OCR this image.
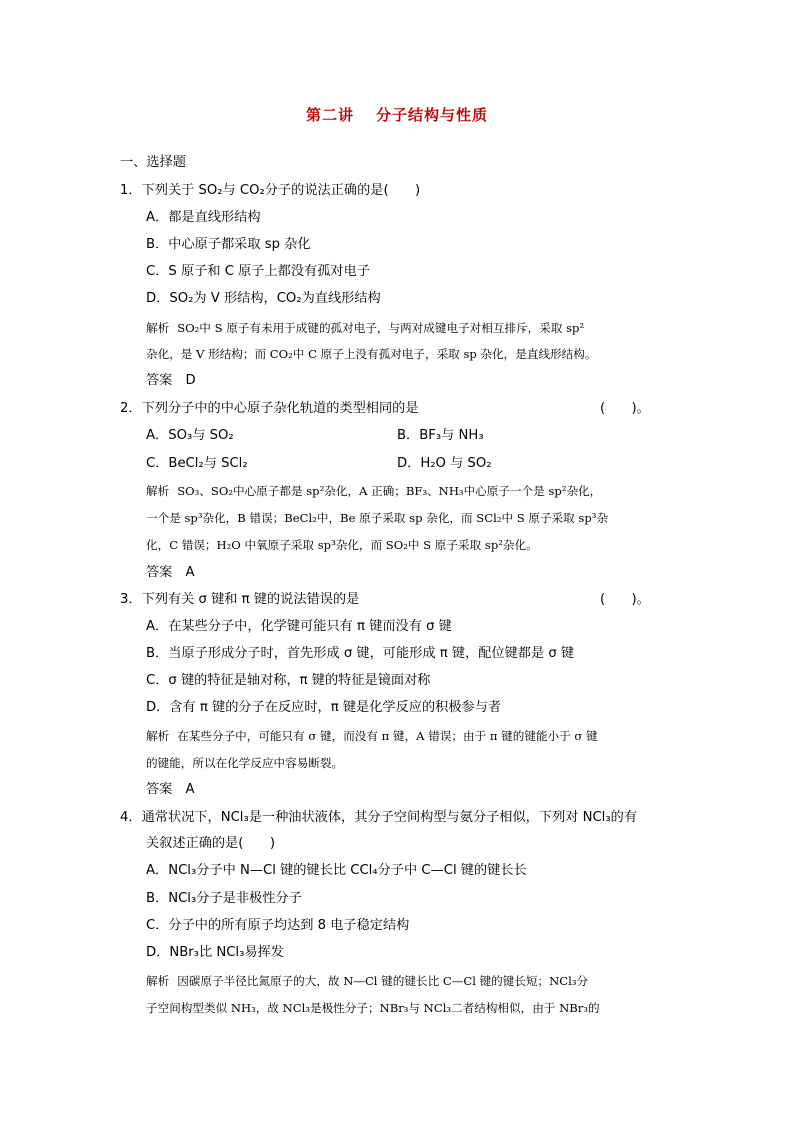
第二讲 分子结构与性质
一、选择题
1．下列关于 SO₂与 CO₂分子的说法正确的是(　　)
A．都是直线形结构
B．中心原子都采取 sp 杂化
C．S 原子和 C 原子上都没有孤对电子
D．SO₂为 V 形结构，CO₂为直线形结构
解析 SO₂中 S 原子有未用于成键的孤对电子，与两对成键电子对相互排斥，采取 sp²
杂化，是 V 形结构；而 CO₂中 C 原子上没有孤对电子，采取 sp 杂化，是直线形结构。
答案　D
2．下列分子中的中心原子杂化轨道的类型相同的是	(　　)。
A．SO₃与 SO₂	B．BF₃与 NH₃
C．BeCl₂与 SCl₂	D．H₂O 与 SO₂
解析 SO₃、SO₂中心原子都是 sp²杂化，A 正确；BF₃、NH₃中心原子一个是 sp²杂化，
一个是 sp³杂化，B 错误；BeCl₂中，Be 原子采取 sp 杂化，而 SCl₂中 S 原子采取 sp³杂
化，C 错误；H₂O 中氧原子采取 sp³杂化，而 SO₂中 S 原子采取 sp²杂化。
答案　A
3．下列有关 σ 键和 π 键的说法错误的是	(　　)。
A．在某些分子中，化学键可能只有 π 键而没有 σ 键
B．当原子形成分子时，首先形成 σ 键，可能形成 π 键，配位键都是 σ 键
C．σ 键的特征是轴对称，π 键的特征是镜面对称
D．含有 π 键的分子在反应时，π 键是化学反应的积极参与者
解析 在某些分子中，可能只有 σ 键，而没有 π 键，A 错误；由于 π 键的键能小于 σ 键
的键能，所以在化学反应中容易断裂。
答案　A
4．通常状况下，NCl₃是一种油状液体，其分子空间构型与氨分子相似，下列对 NCl₃的有
关叙述正确的是(　　)
A．NCl₃分子中 N—Cl 键的键长比 CCl₄分子中 C—Cl 键的键长长
B．NCl₃分子是非极性分子
C．分子中的所有原子均达到 8 电子稳定结构
D．NBr₃比 NCl₃易挥发
解析 因碳原子半径比氮原子的大，故 N—Cl 键的键长比 C—Cl 键的键长短；NCl₃分
子空间构型类似 NH₃，故 NCl₃是极性分子；NBr₃与 NCl₃二者结构相似，由于 NBr₃的
